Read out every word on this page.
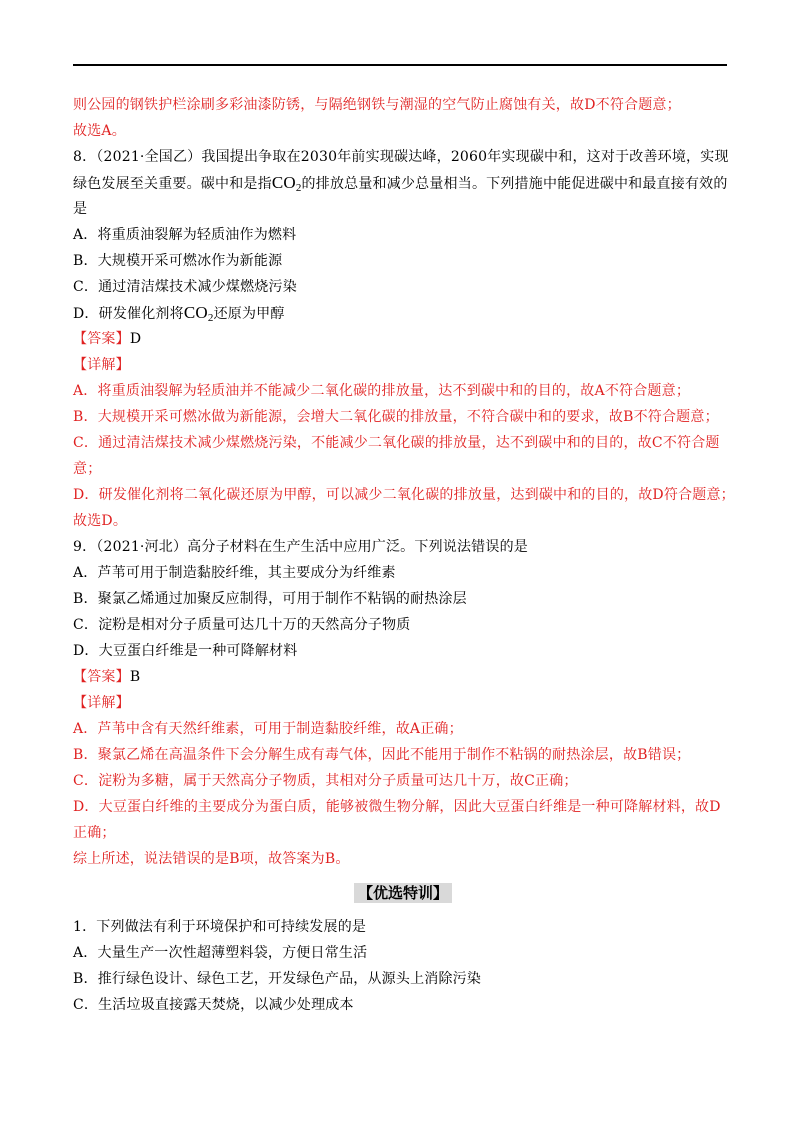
则公园的钢铁护栏涂刷多彩油漆防锈，与隔绝钢铁与潮湿的空气防止腐蚀有关，故D不符合题意；
故选A。
8．（2021·全国乙）我国提出争取在2030年前实现碳达峰，2060年实现碳中和，这对于改善环境，实现
绿色发展至关重要。碳中和是指$CO_2$的排放总量和减少总量相当。下列措施中能促进碳中和最直接有效的
是
A．将重质油裂解为轻质油作为燃料
B．大规模开采可燃冰作为新能源
C．通过清洁煤技术减少煤燃烧污染
D．研发催化剂将$CO_2$还原为甲醇
【答案】D
【详解】
A．将重质油裂解为轻质油并不能减少二氧化碳的排放量，达不到碳中和的目的，故A不符合题意；
B．大规模开采可燃冰做为新能源，会增大二氧化碳的排放量，不符合碳中和的要求，故B不符合题意；
C．通过清洁煤技术减少煤燃烧污染，不能减少二氧化碳的排放量，达不到碳中和的目的，故C不符合题
意；
D．研发催化剂将二氧化碳还原为甲醇，可以减少二氧化碳的排放量，达到碳中和的目的，故D符合题意；
故选D。
9．（2021·河北）高分子材料在生产生活中应用广泛。下列说法错误的是
A．芦苇可用于制造黏胶纤维，其主要成分为纤维素
B．聚氯乙烯通过加聚反应制得，可用于制作不粘锅的耐热涂层
C．淀粉是相对分子质量可达几十万的天然高分子物质
D．大豆蛋白纤维是一种可降解材料
【答案】B
【详解】
A．芦苇中含有天然纤维素，可用于制造黏胶纤维，故A正确；
B．聚氯乙烯在高温条件下会分解生成有毒气体，因此不能用于制作不粘锅的耐热涂层，故B错误；
C．淀粉为多糖，属于天然高分子物质，其相对分子质量可达几十万，故C正确；
D．大豆蛋白纤维的主要成分为蛋白质，能够被微生物分解，因此大豆蛋白纤维是一种可降解材料，故D
正确；
综上所述，说法错误的是B项，故答案为B。
【优选特训】
1．下列做法有利于环境保护和可持续发展的是
A．大量生产一次性超薄塑料袋，方便日常生活
B．推行绿色设计、绿色工艺，开发绿色产品，从源头上消除污染
C．生活垃圾直接露天焚烧，以减少处理成本
